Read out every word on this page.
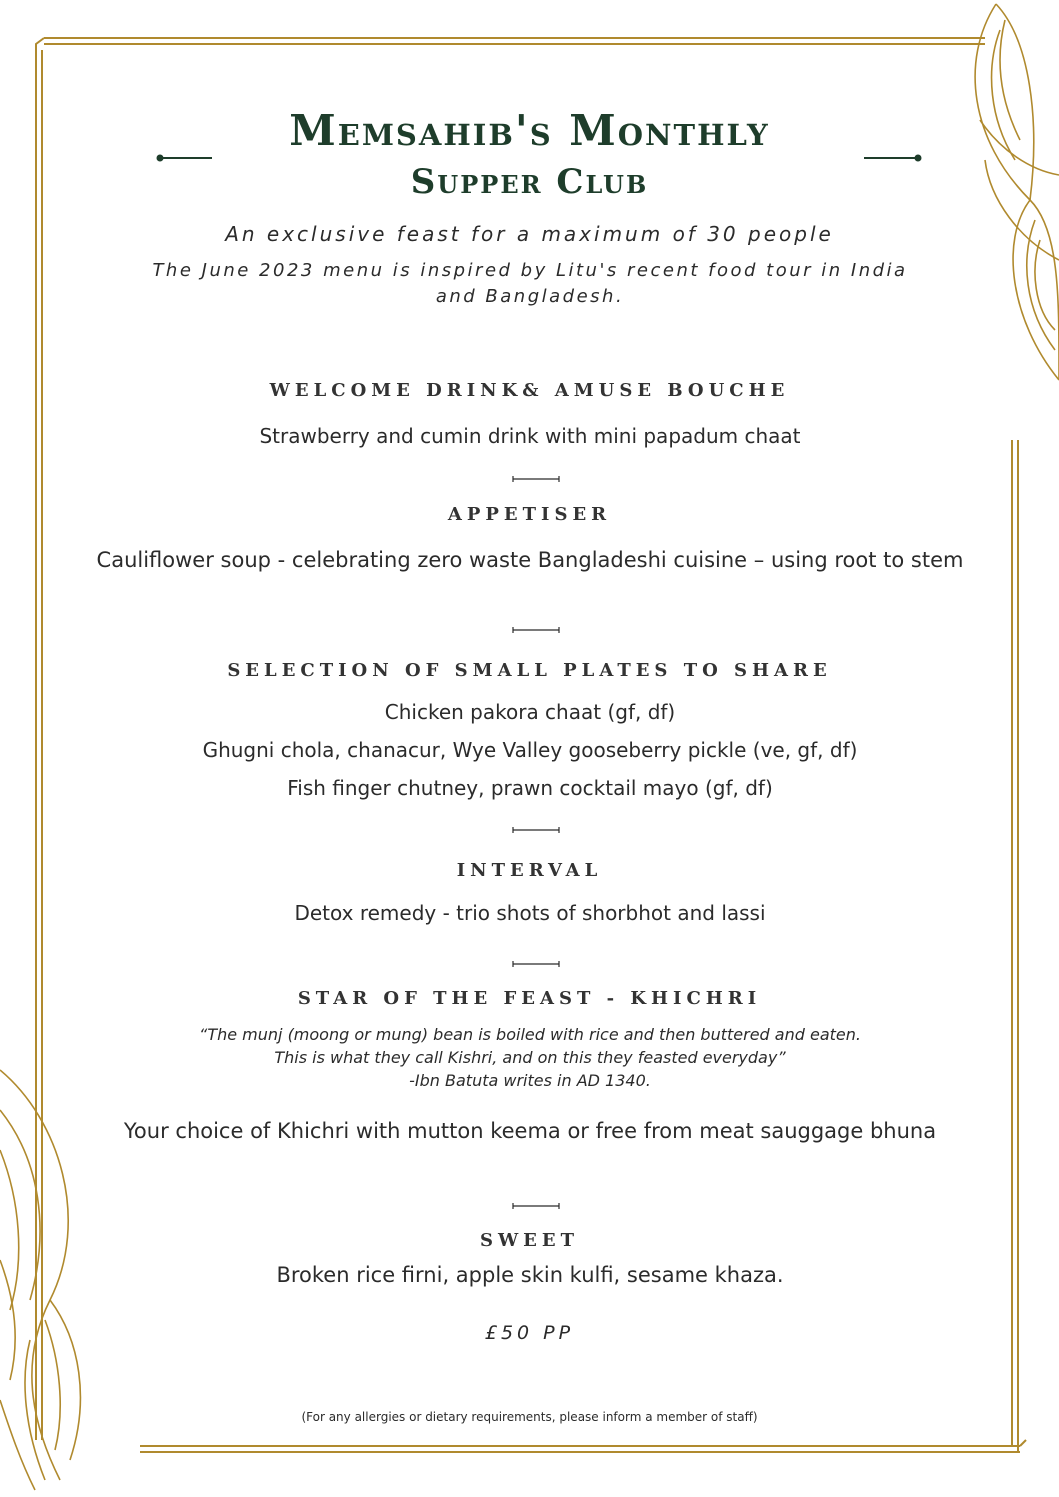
Memsahib's Monthly
Supper Club
An exclusive feast for a maximum of 30 people
The June 2023 menu is inspired by Litu's recent food tour in India and Bangladesh.
WELCOME DRINK& AMUSE BOUCHE
Strawberry and cumin drink with mini papadum chaat
APPETISER
Cauliflower soup - celebrating zero waste Bangladeshi cuisine – using root to stem
SELECTION OF SMALL PLATES TO SHARE
Chicken pakora chaat (gf, df)
Ghugni chola, chanacur, Wye Valley gooseberry pickle (ve, gf, df)
Fish finger chutney, prawn cocktail mayo (gf, df)
INTERVAL
Detox remedy - trio shots of shorbhot and lassi
STAR OF THE FEAST - KHICHRI
“The munj (moong or mung) bean is boiled with rice and then buttered and eaten.
This is what they call Kishri, and on this they feasted everyday”
-Ibn Batuta writes in AD 1340.
Your choice of Khichri with mutton keema or free from meat sauggage bhuna
SWEET
Broken rice firni, apple skin kulfi, sesame khaza.
£50 PP
(For any allergies or dietary requirements, please inform a member of staff)
